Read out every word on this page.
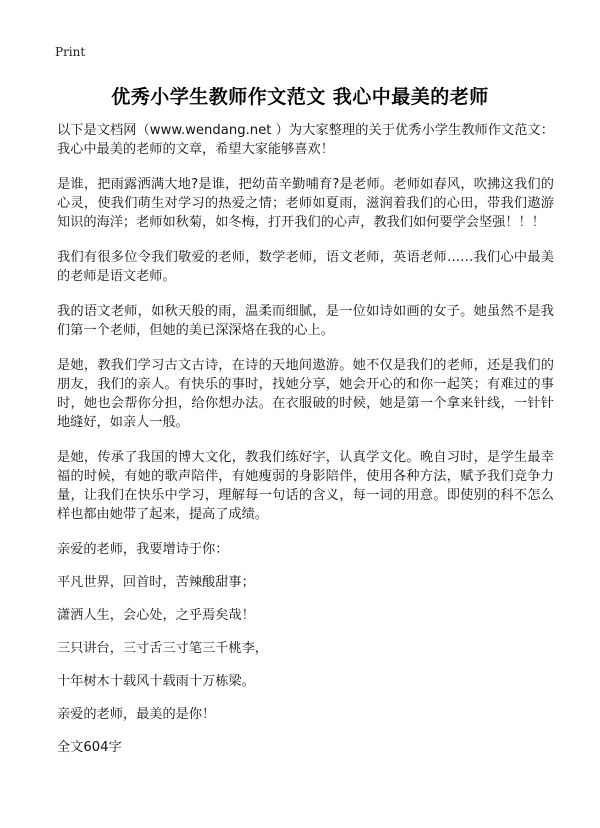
Print
优秀小学生教师作文范文 我心中最美的老师

以下是文档网（www.wendang.net ）为大家整理的关于优秀小学生教师作文范文：我心中最美的老师的文章，希望大家能够喜欢！

是谁，把雨露洒满大地?是谁，把幼苗辛勤哺育?是老师。老师如春风，吹拂这我们的心灵，使我们萌生对学习的热爱之情；老师如夏雨，滋润着我们的心田，带我们遨游知识的海洋；老师如秋菊，如冬梅，打开我们的心声，教我们如何要学会坚强！！！

我们有很多位令我们敬爱的老师，数学老师，语文老师，英语老师……我们心中最美的老师是语文老师。

我的语文老师，如秋天般的雨，温柔而细腻，是一位如诗如画的女子。她虽然不是我们第一个老师，但她的美已深深烙在我的心上。

是她，教我们学习古文古诗，在诗的天地间遨游。她不仅是我们的老师，还是我们的朋友，我们的亲人。有快乐的事时，找她分享，她会开心的和你一起笑；有难过的事时，她也会帮你分担，给你想办法。在衣服破的时候，她是第一个拿来针线，一针针地缝好，如亲人一般。

是她，传承了我国的博大文化，教我们练好字，认真学文化。晚自习时，是学生最幸福的时候，有她的歌声陪伴，有她瘦弱的身影陪伴，使用各种方法，赋予我们竞争力量，让我们在快乐中学习，理解每一句话的含义，每一词的用意。即使别的科不怎么样也都由她带了起来，提高了成绩。

亲爱的老师，我要增诗于你：

平凡世界，回首时，苦辣酸甜事；

潇洒人生，会心处，之乎焉矣哉！

三只讲台，三寸舌三寸笔三千桃李，

十年树木十载风十载雨十万栋梁。

亲爱的老师，最美的是你！

全文604字
